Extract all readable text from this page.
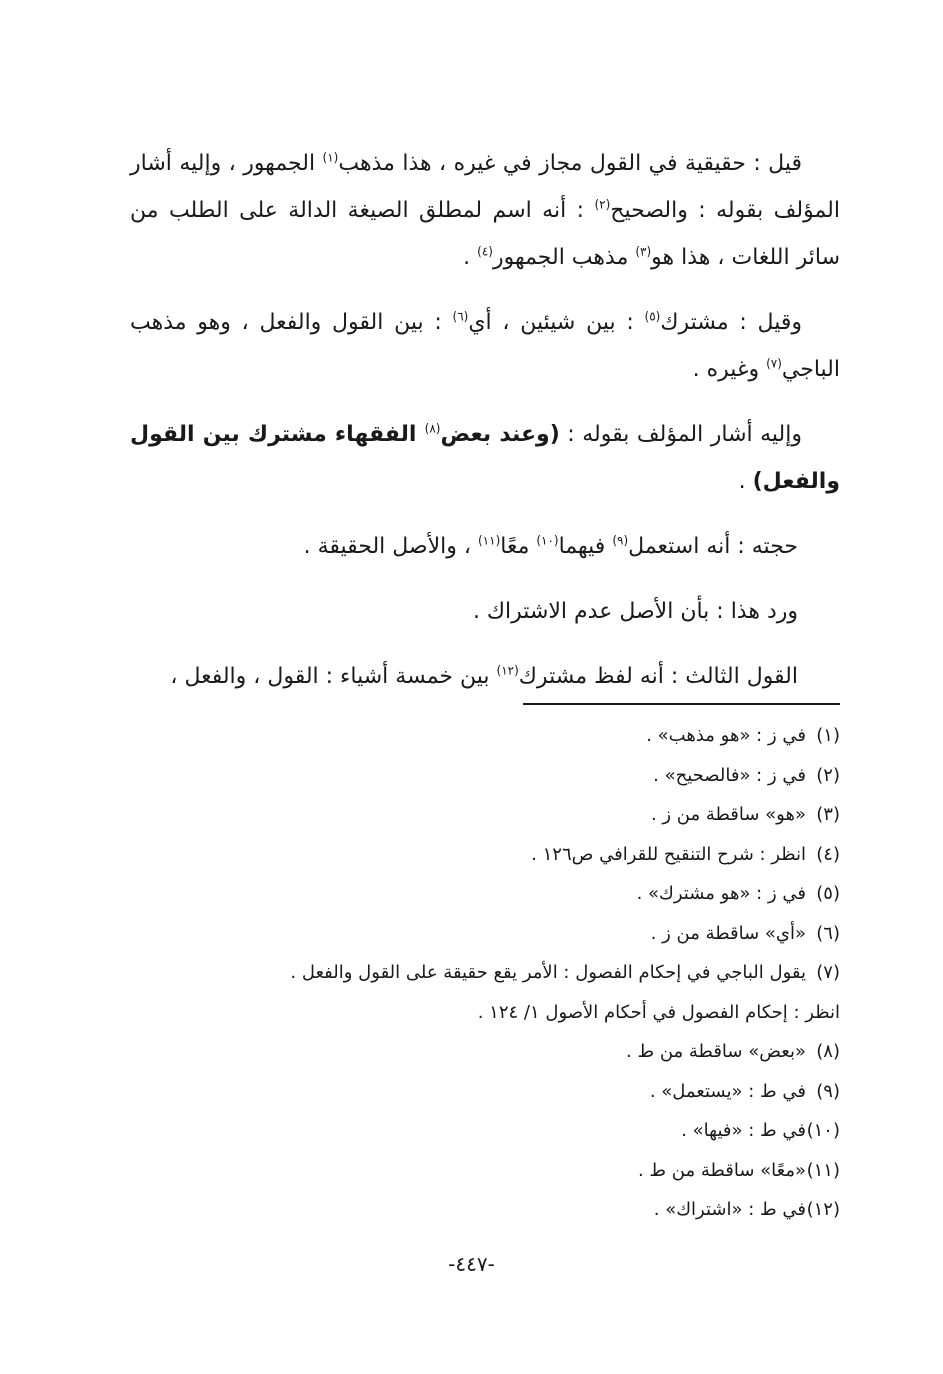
قيل : حقيقية في القول مجاز في غيره ، هذا مذهب$^{(١)}$ الجمهور ، وإليه أشار المؤلف بقوله : والصحيح$^{(٢)}$ : أنه اسم لمطلق الصيغة الدالة على الطلب من سائر اللغات ، هذا هو$^{(٣)}$ مذهب الجمهور$^{(٤)}$ .

وقيل : مشترك$^{(٥)}$ : بين شيئين ، أي$^{(٦)}$ : بين القول والفعل ، وهو مذهب الباجي$^{(٧)}$ وغيره .

وإليه أشار المؤلف بقوله : (وعند بعض$^{(٨)}$ الفقهاء مشترك بين القول والفعل) .

حجته : أنه استعمل$^{(٩)}$ فيهما$^{(١٠)}$ معًا$^{(١١)}$ ، والأصل الحقيقة .

ورد هذا : بأن الأصل عدم الاشتراك .

القول الثالث : أنه لفظ مشترك$^{(١٢)}$ بين خمسة أشياء : القول ، والفعل ،

(١)في ز : «هو مذهب» .
(٢)في ز : «فالصحيح» .
(٣)«هو» ساقطة من ز .
(٤)انظر : شرح التنقيح للقرافي ص١٢٦ .
(٥)في ز : «هو مشترك» .
(٦)«أي» ساقطة من ز .
(٧)يقول الباجي في إحكام الفصول : الأمر يقع حقيقة على القول والفعل .
انظر : إحكام الفصول في أحكام الأصول ١/ ١٢٤ .
(٨)«بعض» ساقطة من ط .
(٩)في ط : «يستعمل» .
(١٠)في ط : «فيها» .
(١١)«معًا» ساقطة من ط .
(١٢)في ط : «اشتراك» .
-٤٤٧-
